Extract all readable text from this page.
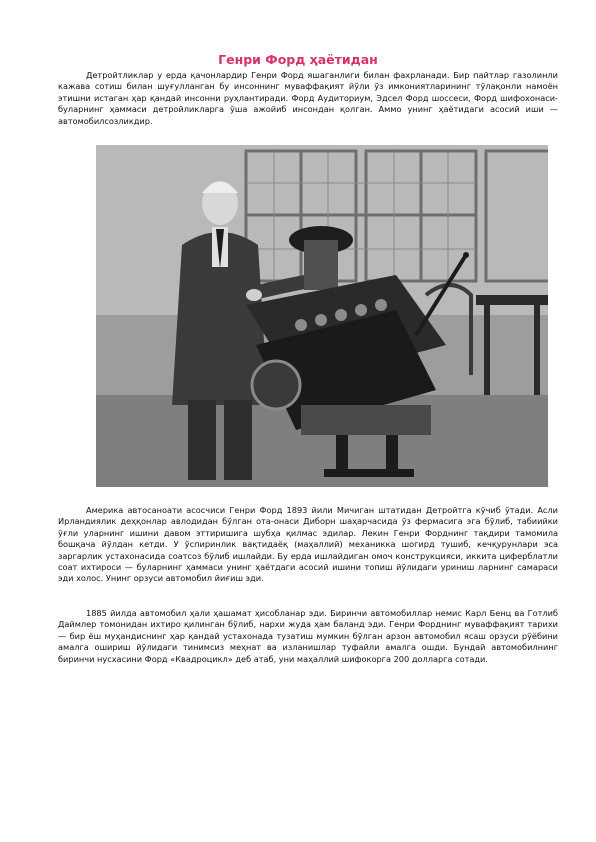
Генри Форд ҳаётидан

Детройтликлар у ерда қачонлардир Генри Форд яшаганлиги билан фахрланади. Бир пайтлар газолинли кажава сотиш билан шуғулланган бу инсоннинг муваффақият йўли ўз имкониятларининг тўлақонли намоён этишни истаган ҳар қандай инсонни руҳлантиради. Форд Аудиториум, Эдсел Форд шоссеси, Форд шифохонаси-буларнинг ҳаммаси детройликларга ўша ажойиб инсондан қолган. Аммо унинг ҳаётидаги асосий иши — автомобилсозликдир.

Америка автосаноати асосчиси Генри Форд 1893 йили Мичиган штатидан Детройтга кўчиб ўтади. Асли Ирландиялик деҳқонлар авлодидан бўлган ота-онаси Диборн шаҳарчасида ўз фермасига эга бўлиб, табиийки ўғли уларнинг ишини давом эттиришига шубҳа қилмас эдилар. Лекин Генри Форднинг тақдири тамомила бошқача йўлдан кетди. У ўспиринлик вақтидаёқ (маҳаллий) механикка шогирд тушиб, кечқурунлари эса заргарлик устахонасида соатсоз бўлиб ишлайди. Бу ерда ишлайдиган омоч конструкцияси, иккита циферблатли соат ихтироси — буларнинг ҳаммаси унинг ҳаётдаги асосий ишини топиш йўлидаги уриниш ларнинг самараси эди холос. Унинг орзуси автомобил йиғиш эди.

1885 йилда автомобил ҳали ҳашамат ҳисобланар эди. Биринчи автомобиллар немис Карл Бенц ва Готлиб Даймлер томонидан ихтиро қилинган бўлиб, нархи жуда ҳам баланд эди. Генри Форднинг муваффақият тарихи — бир ёш муҳандиснинг ҳар қандай устахонада тузатиш мумкин бўлган арзон автомобил ясаш орзуси рўёбини амалга ошириш йўлидаги тинимсиз меҳнат ва изланишлар туфайли амалга ошди. Бундай автомобилнинг биринчи нусхасини Форд «Квадроцикл» деб атаб, уни маҳаллий шифокорга 200 долларга сотади.
